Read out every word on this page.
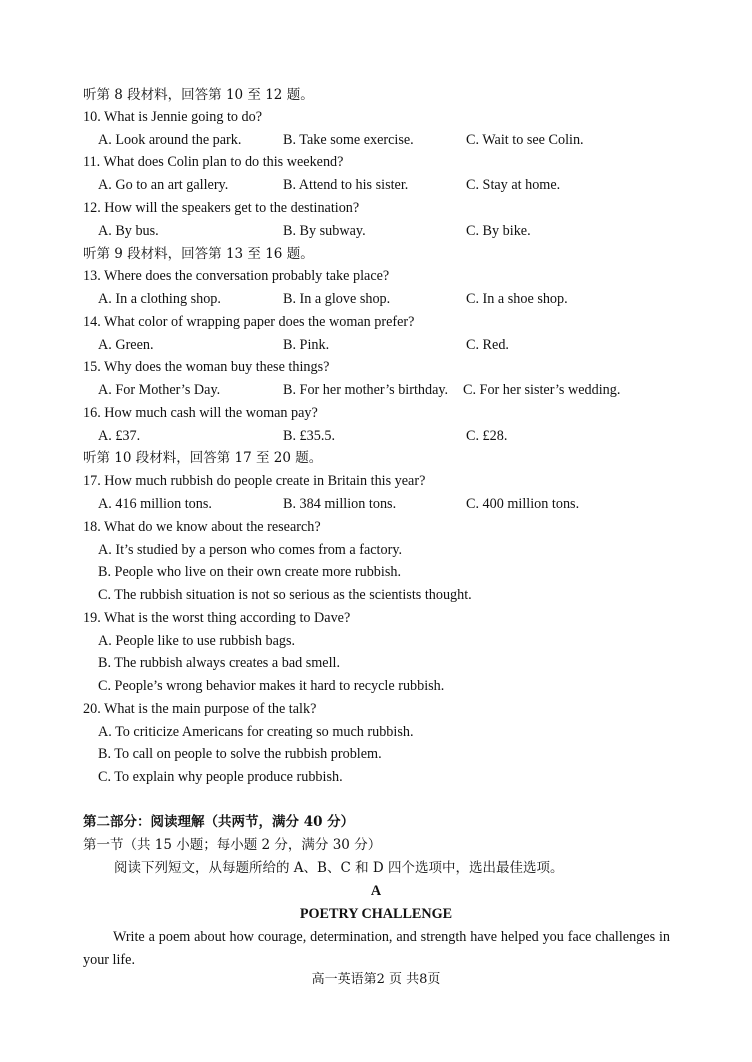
听第 8 段材料，回答第 10 至 12 题。
10. What is Jennie going to do?
A. Look around the park.	B. Take some exercise.	C. Wait to see Colin.
11. What does Colin plan to do this weekend?
A. Go to an art gallery.	B. Attend to his sister.	C. Stay at home.
12. How will the speakers get to the destination?
A. By bus.	B. By subway.	C. By bike.
听第 9 段材料，回答第 13 至 16 题。
13. Where does the conversation probably take place?
A. In a clothing shop.	B. In a glove shop.	C. In a shoe shop.
14. What color of wrapping paper does the woman prefer?
A. Green.	B. Pink.	C. Red.
15. Why does the woman buy these things?
A. For Mother’s Day.	B. For her mother’s birthday. C. For her sister’s wedding.
16. How much cash will the woman pay?
A. £37.	B. £35.5.	C. £28.
听第 10 段材料，回答第 17 至 20 题。
17. How much rubbish do people create in Britain this year?
A. 416 million tons.	B. 384 million tons.	C. 400 million tons.
18. What do we know about the research?
A. It’s studied by a person who comes from a factory.
B. People who live on their own create more rubbish.
C. The rubbish situation is not so serious as the scientists thought.
19. What is the worst thing according to Dave?
A. People like to use rubbish bags.
B. The rubbish always creates a bad smell.
C. People’s wrong behavior makes it hard to recycle rubbish.
20. What is the main purpose of the talk?
A. To criticize Americans for creating so much rubbish.
B. To call on people to solve the rubbish problem.
C. To explain why people produce rubbish.
第二部分：阅读理解（共两节，满分 40 分）
第一节（共 15 小题；每小题 2 分，满分 30 分）
阅读下列短文，从每题所给的 A、B、C 和 D 四个选项中，选出最佳选项。
A
POETRY CHALLENGE
Write a poem about how courage, determination, and strength have helped you face challenges in your life.
高一英语第2 页 共8页
